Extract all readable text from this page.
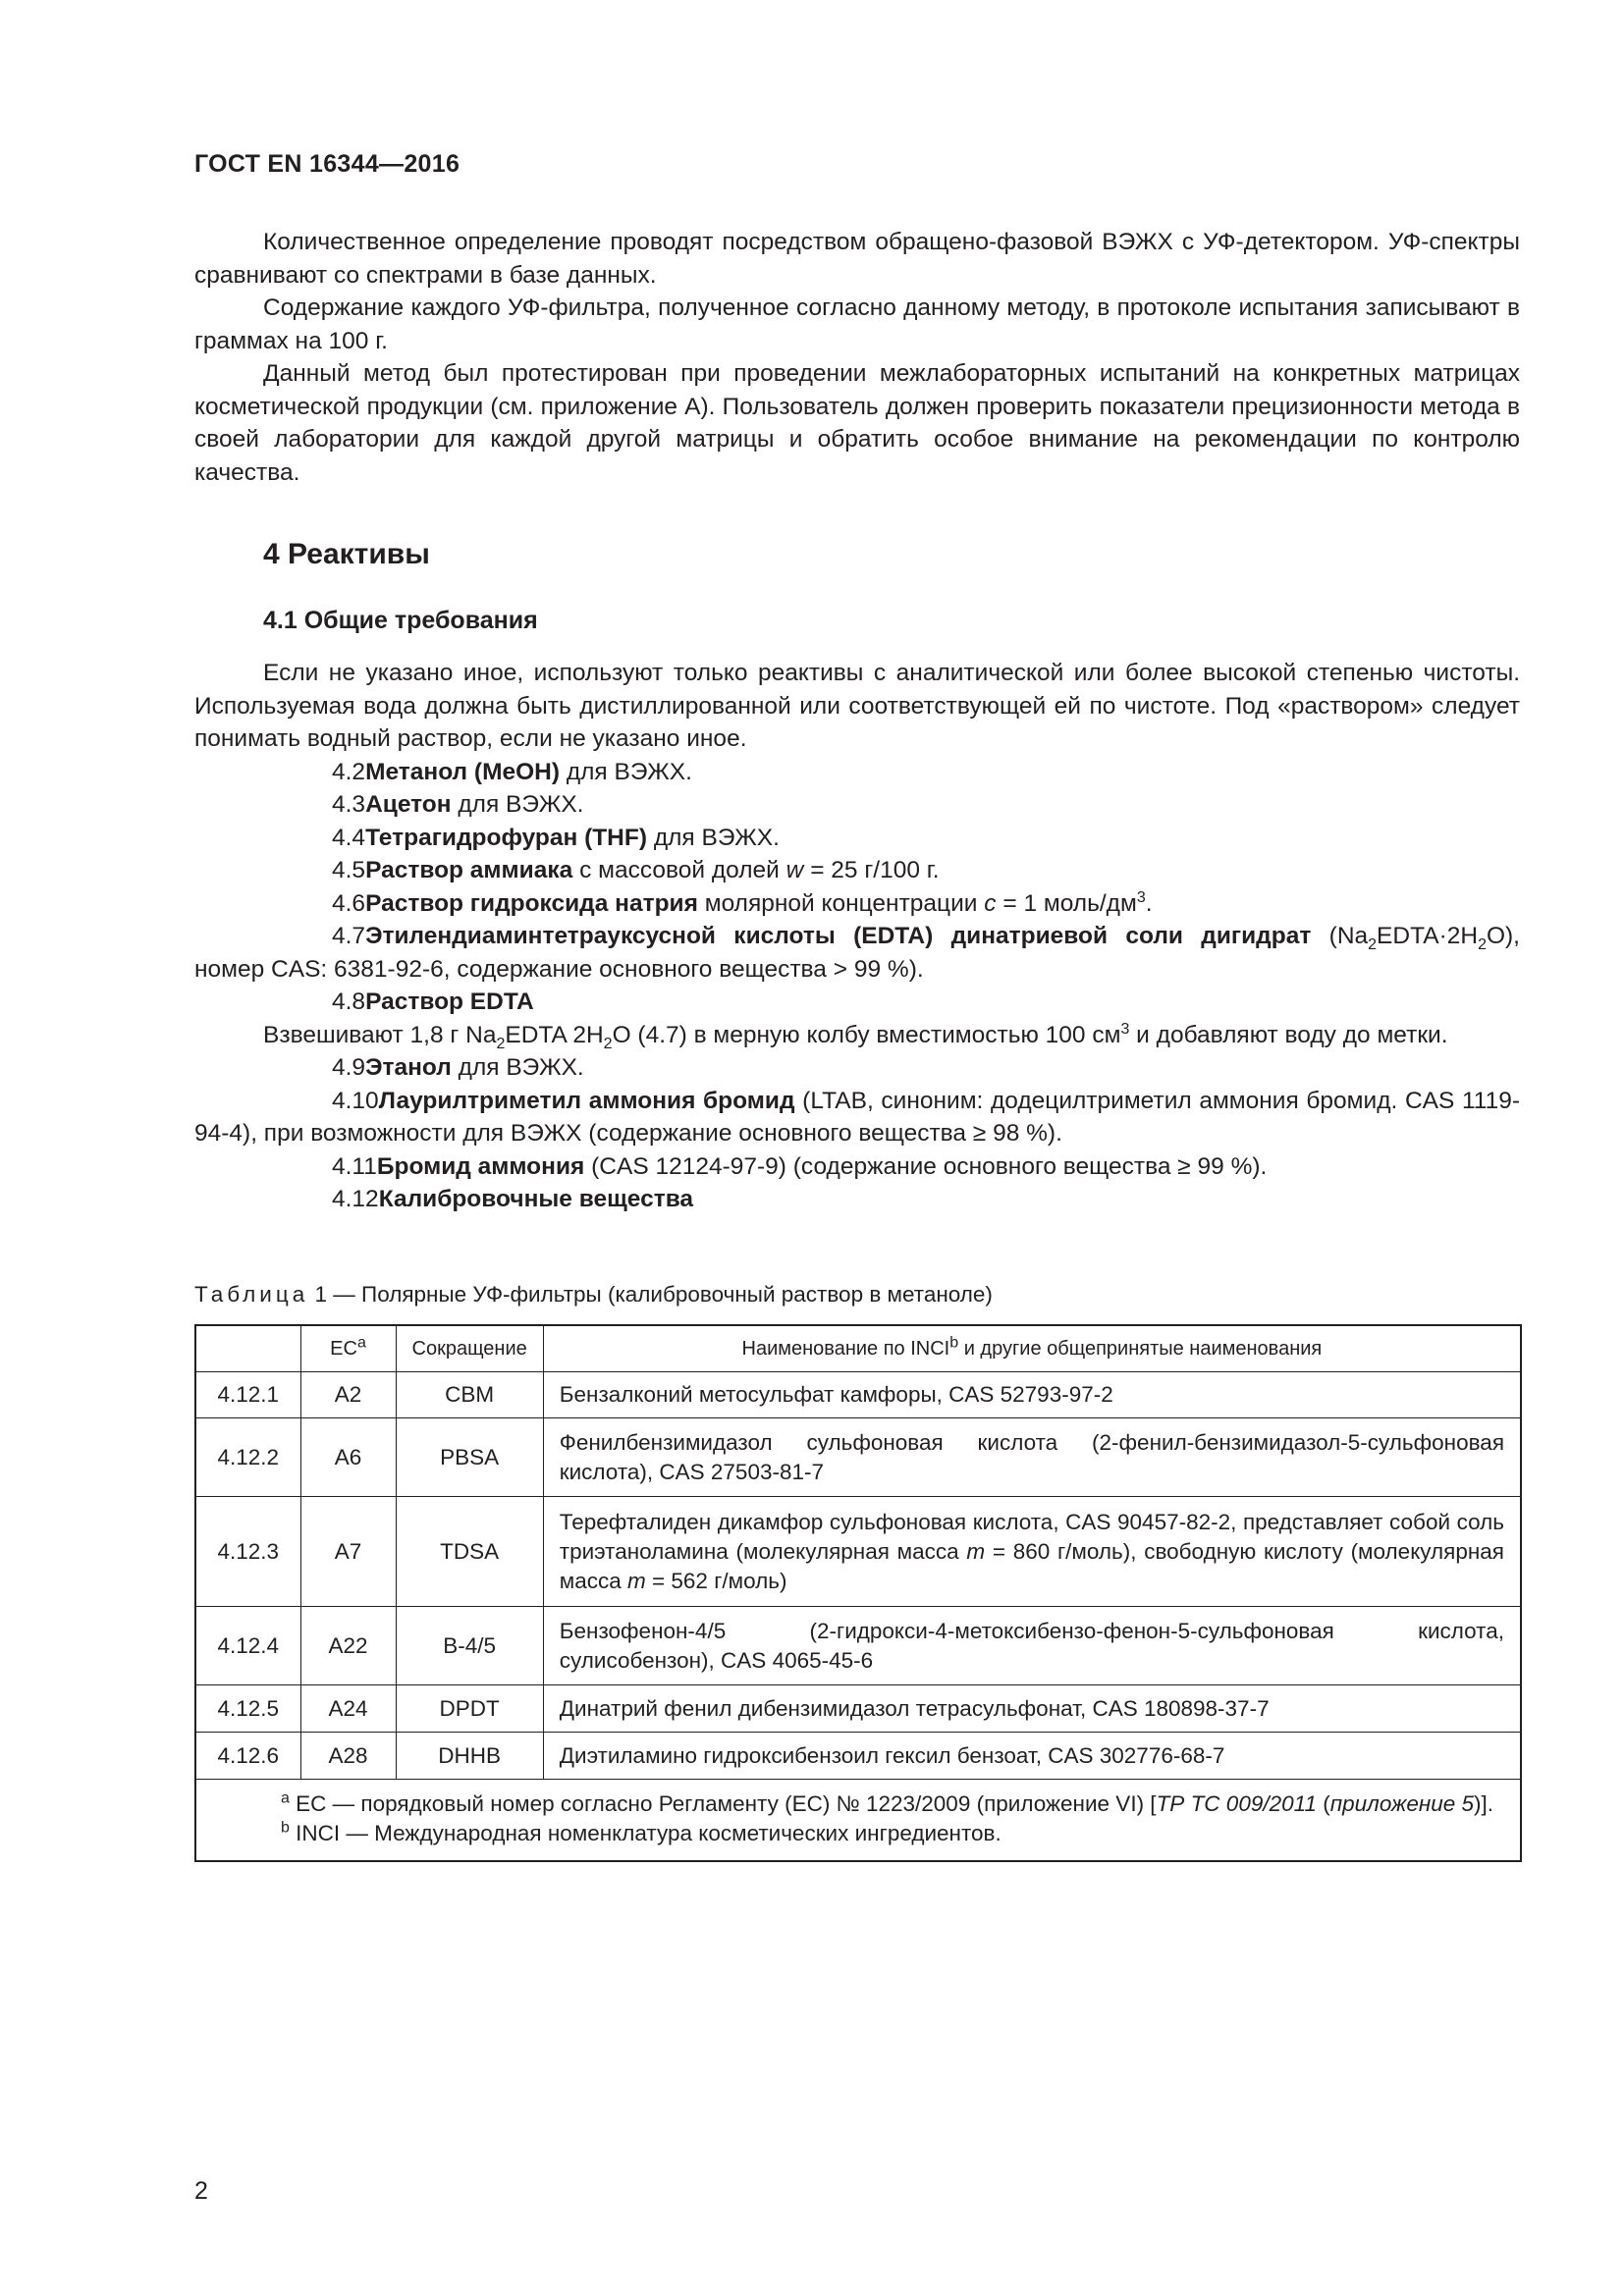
ГОСТ EN 16344—2016

Количественное определение проводят посредством обращено-фазовой ВЭЖХ с УФ-детектором. УФ-спектры сравнивают со спектрами в базе данных.

Содержание каждого УФ-фильтра, полученное согласно данному методу, в протоколе испытания записывают в граммах на 100 г.

Данный метод был протестирован при проведении межлабораторных испытаний на конкретных матрицах косметической продукции (см. приложение А). Пользователь должен проверить показатели прецизионности метода в своей лаборатории для каждой другой матрицы и обратить особое внимание на рекомендации по контролю качества.

4 Реактивы
4.1 Общие требования

Если не указано иное, используют только реактивы с аналитической или более высокой степенью чистоты. Используемая вода должна быть дистиллированной или соответствующей ей по чистоте. Под «раствором» следует понимать водный раствор, если не указано иное.

4.2Метанол (MeOH) для ВЭЖХ.

4.3Ацетон для ВЭЖХ.

4.4Тетрагидрофуран (THF) для ВЭЖХ.

4.5Раствор аммиака с массовой долей w = 25 г/100 г.

4.6Раствор гидроксида натрия молярной концентрации c = 1 моль/$дм^3$.

4.7Этилендиаминтетрауксусной кислоты (EDTA) динатриевой соли дигидрат $(Na_2EDTA\cdot 2H_2O)$, номер CAS: 6381-92-6, содержание основного вещества > 99 %).

4.8Раствор EDTA

Взвешивают 1,8 г $Na_2EDTA$ $2H_2O$ (4.7) в мерную колбу вместимостью 100 $см^3$ и добавляют воду до метки.

4.9Этанол для ВЭЖХ.

4.10Лаурилтриметил аммония бромид (LTAB, синоним: додецилтриметил аммония бромид. CAS 1119-94-4), при возможности для ВЭЖХ (содержание основного вещества ≥ 98 %).

4.11Бромид аммония (CAS 12124-97-9) (содержание основного вещества ≥ 99 %).

4.12Калибровочные вещества

Таблица 1 — Полярные УФ-фильтры (калибровочный раствор в метаноле)
	$ЕС^a$	Сокращение	Наименование по INCI$^b$ и другие общепринятые наименования
4.12.1	A2	CBM	Бензалконий метосульфат камфоры, CAS 52793-97-2
4.12.2	A6	PBSA	Фенилбензимидазол сульфоновая кислота (2-фенил-бензимидазол-5-сульфоновая кислота), CAS 27503-81-7
4.12.3	A7	TDSA	Терефталиден дикамфор сульфоновая кислота, CAS 90457-82-2, представляет собой соль триэтаноламина (молекулярная масса m = 860 г/моль), свободную кислоту (молекулярная масса m = 562 г/моль)
4.12.4	A22	B-4/5	Бензофенон-4/5 (2-гидрокси-4-метоксибензо-фенон-5-сульфоновая кислота, сулисобензон), CAS 4065-45-6
4.12.5	A24	DPDT	Динатрий фенил дибензимидазол тетрасульфонат, CAS 180898-37-7
4.12.6	A28	DHHB	Диэтиламино гидроксибензоил гексил бензоат, CAS 302776-68-7

$^a$ ЕС — порядковый номер согласно Регламенту (ЕС) № 1223/2009 (приложение VI) [ТР ТС 009/2011 (приложение 5)].

$^b$ INCI — Международная номенклатура косметических ингредиентов.			

2
